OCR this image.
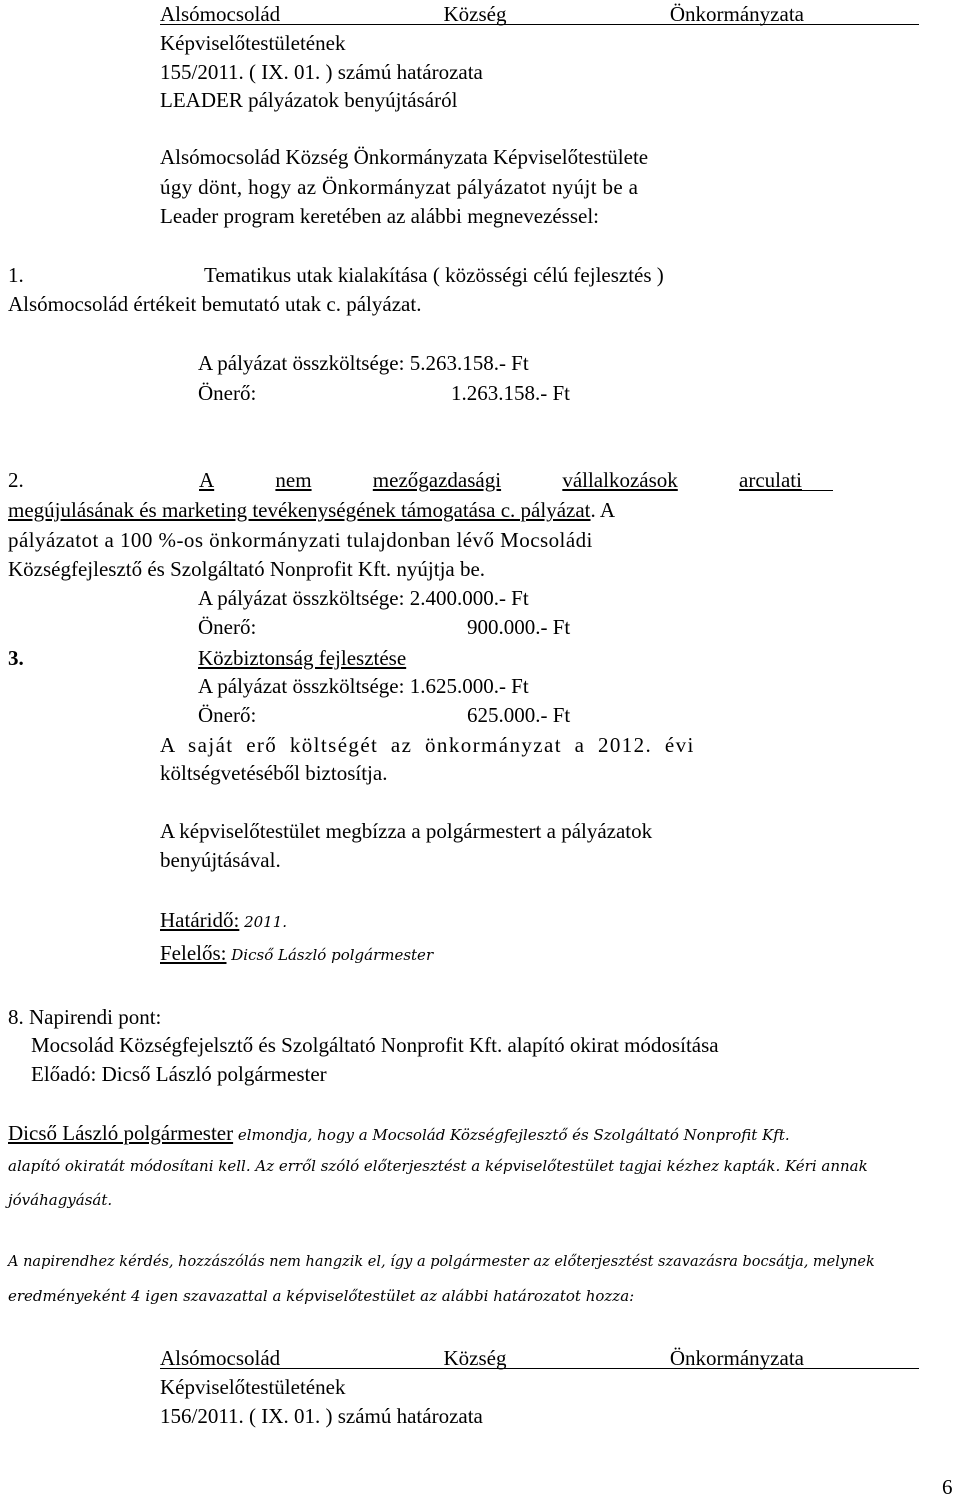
Alsómocsolád	Község	Önkormányzata
Képviselőtestületének
155/2011. ( IX. 01. ) számú határozata
LEADER pályázatok benyújtásáról
Alsómocsolád Község Önkormányzata Képviselőtestülete
úgy dönt, hogy az Önkormányzat pályázatot nyújt be a
Leader program keretében az alábbi megnevezéssel:
1.	Tematikus utak kialakítása ( közösségi célú fejlesztés )
Alsómocsolád értékeit bemutató utak c. pályázat.
A pályázat összköltsége: 5.263.158.- Ft
Önerő:	1.263.158.- Ft
2.	A	nem	mezőgazdasági	vállalkozások	arculati
megújulásának és marketing tevékenységének támogatása c. pályázat. A
pályázatot a 100 %-os önkormányzati tulajdonban lévő Mocsoládi
Községfejlesztő és Szolgáltató Nonprofit Kft. nyújtja be.
A pályázat összköltsége: 2.400.000.- Ft
Önerő:	900.000.- Ft
3.	Közbiztonság fejlesztése
A pályázat összköltsége: 1.625.000.- Ft
Önerő:	625.000.- Ft
A saját erő költségét az önkormányzat a 2012. évi
költségvetéséből biztosítja.
A képviselőtestület megbízza a polgármestert a pályázatok
benyújtásával.
Határidő: 2011.
Felelős: Dicső László polgármester
8. Napirendi pont:
Mocsolád Községfejelsztő és Szolgáltató Nonprofit Kft. alapító okirat módosítása
Előadó: Dicső László polgármester
Dicső László polgármester elmondja, hogy a Mocsolád Községfejlesztő és Szolgáltató Nonprofit Kft.
alapító okiratát módosítani kell. Az erről szóló előterjesztést a képviselőtestület tagjai kézhez kapták. Kéri annak
jóváhagyását.
A napirendhez kérdés, hozzászólás nem hangzik el, így a polgármester az előterjesztést szavazásra bocsátja, melynek
eredményeként 4 igen szavazattal a képviselőtestület az alábbi határozatot hozza:
Alsómocsolád	Község	Önkormányzata
Képviselőtestületének
156/2011. ( IX. 01. ) számú határozata
6
